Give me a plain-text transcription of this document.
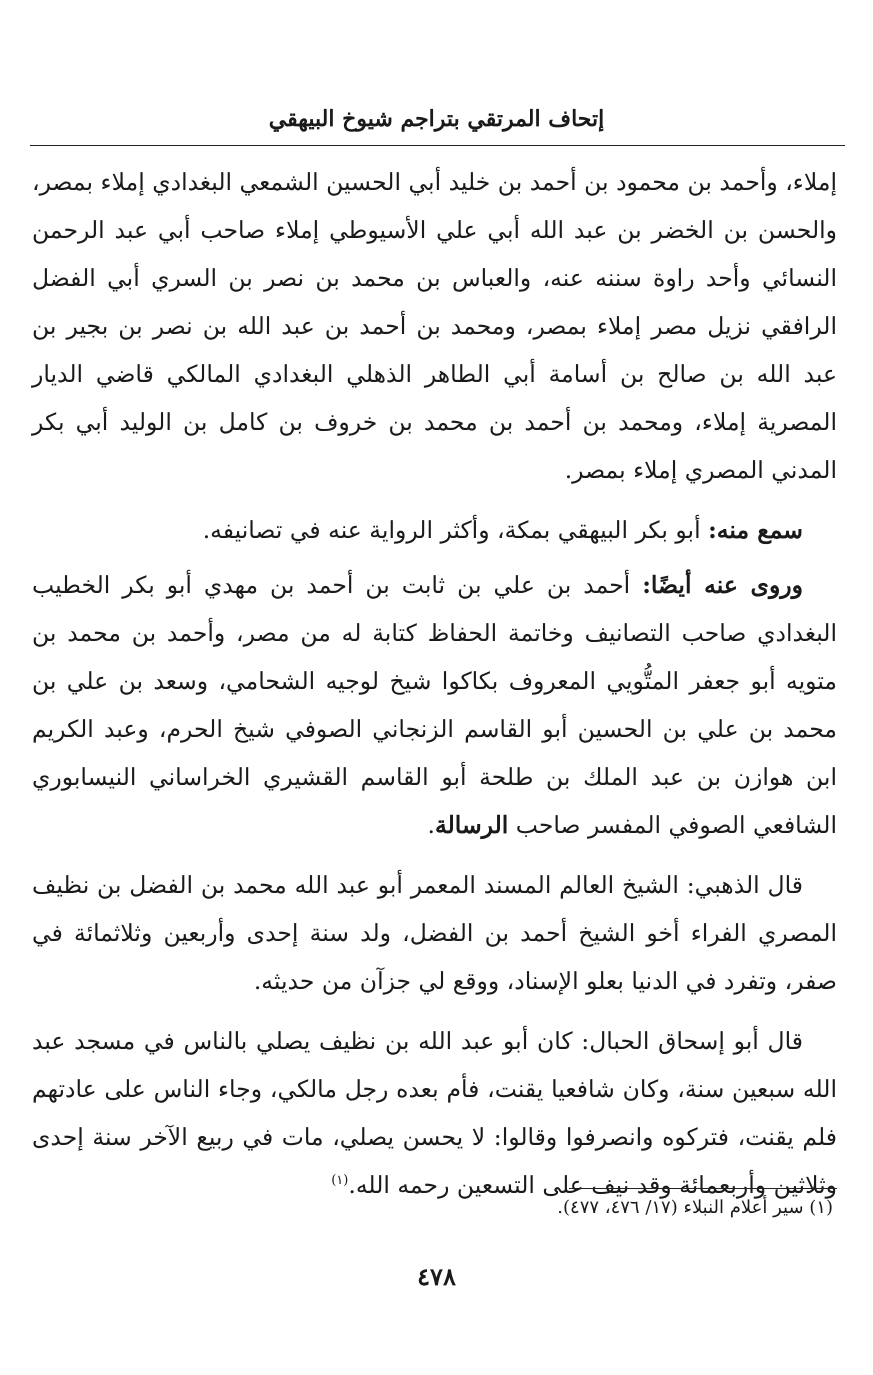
إتحاف المرتقي بتراجم شيوخ البيهقي

إملاء، وأحمد بن محمود بن أحمد بن خليد أبي الحسين الشمعي البغدادي إملاء بمصر، والحسن بن الخضر بن عبد الله أبي علي الأسيوطي إملاء صاحب أبي عبد الرحمن النسائي وأحد راوة سننه عنه، والعباس بن محمد بن نصر بن السري أبي الفضل الرافقي نزيل مصر إملاء بمصر، ومحمد بن أحمد بن عبد الله بن نصر بن بجير بن عبد الله بن صالح بن أسامة أبي الطاهر الذهلي البغدادي المالكي قاضي الديار المصرية إملاء، ومحمد بن أحمد بن محمد بن خروف بن كامل بن الوليد أبي بكر المدني المصري إملاء بمصر.

سمع منه: أبو بكر البيهقي بمكة، وأكثر الرواية عنه في تصانيفه.

وروى عنه أيضًا: أحمد بن علي بن ثابت بن أحمد بن مهدي أبو بكر الخطيب البغدادي صاحب التصانيف وخاتمة الحفاظ كتابة له من مصر، وأحمد بن محمد بن متويه أبو جعفر المتُّويي المعروف بكاكوا شيخ لوجيه الشحامي، وسعد بن علي بن محمد بن علي بن الحسين أبو القاسم الزنجاني الصوفي شيخ الحرم، وعبد الكريم ابن هوازن بن عبد الملك بن طلحة أبو القاسم القشيري الخراساني النيسابوري الشافعي الصوفي المفسر صاحب الرسالة.

قال الذهبي: الشيخ العالم المسند المعمر أبو عبد الله محمد بن الفضل بن نظيف المصري الفراء أخو الشيخ أحمد بن الفضل، ولد سنة إحدى وأربعين وثلاثمائة في صفر، وتفرد في الدنيا بعلو الإسناد، ووقع لي جزآن من حديثه.

قال أبو إسحاق الحبال: كان أبو عبد الله بن نظيف يصلي بالناس في مسجد عبد الله سبعين سنة، وكان شافعيا يقنت، فأم بعده رجل مالكي، وجاء الناس على عادتهم فلم يقنت، فتركوه وانصرفوا وقالوا: لا يحسن يصلي، مات في ربيع الآخر سنة إحدى وثلاثين وأربعمائة وقد نيف على التسعين رحمه الله.$^{(١)}$

(١) سير أعلام النبلاء (١٧/ ٤٧٦، ٤٧٧).
٤٧٨
